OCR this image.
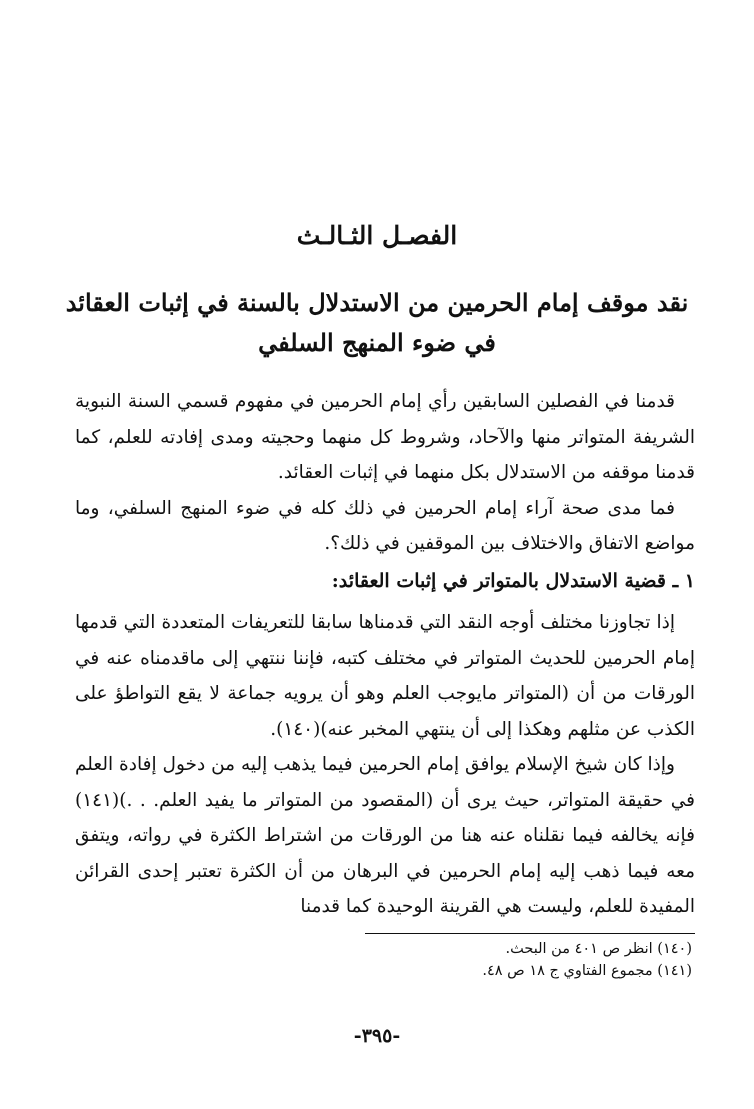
الفصـل الثـالـث
نقد موقف إمام الحرمين من الاستدلال بالسنة في إثبات العقائد
في ضوء المنهج السلفي

قدمنا في الفصلين السابقين رأي إمام الحرمين في مفهوم قسمي السنة النبوية الشريفة المتواتر منها والآحاد، وشروط كل منهما وحجيته ومدى إفادته للعلم، كما قدمنا موقفه من الاستدلال بكل منهما في إثبات العقائد.

فما مدى صحة آراء إمام الحرمين في ذلك كله في ضوء المنهج السلفي، وما مواضع الاتفاق والاختلاف بين الموقفين في ذلك؟.

١ ـ قضية الاستدلال بالمتواتر في إثبات العقائد:

إذا تجاوزنا مختلف أوجه النقد التي قدمناها سابقا للتعريفات المتعددة التي قدمها إمام الحرمين للحديث المتواتر في مختلف كتبه، فإننا ننتهي إلى ماقدمناه عنه في الورقات من أن (المتواتر مايوجب العلم وهو أن يرويه جماعة لا يقع التواطؤ على الكذب عن مثلهم وهكذا إلى أن ينتهي المخبر عنه)(١٤٠).

وإذا كان شيخ الإسلام يوافق إمام الحرمين فيما يذهب إليه من دخول إفادة العلم في حقيقة المتواتر، حيث يرى أن (المقصود من المتواتر ما يفيد العلم. . .)(١٤١) فإنه يخالفه فيما نقلناه عنه هنا من الورقات من اشتراط الكثرة في رواته، ويتفق معه فيما ذهب إليه إمام الحرمين في البرهان من أن الكثرة تعتبر إحدى القرائن المفيدة للعلم، وليست هي القرينة الوحيدة كما قدمنا

(١٤٠) انظر ص ٤٠١ من البحث.
(١٤١) مجموع الفتاوي ج ١٨ ص ٤٨.
-٣٩٥-
